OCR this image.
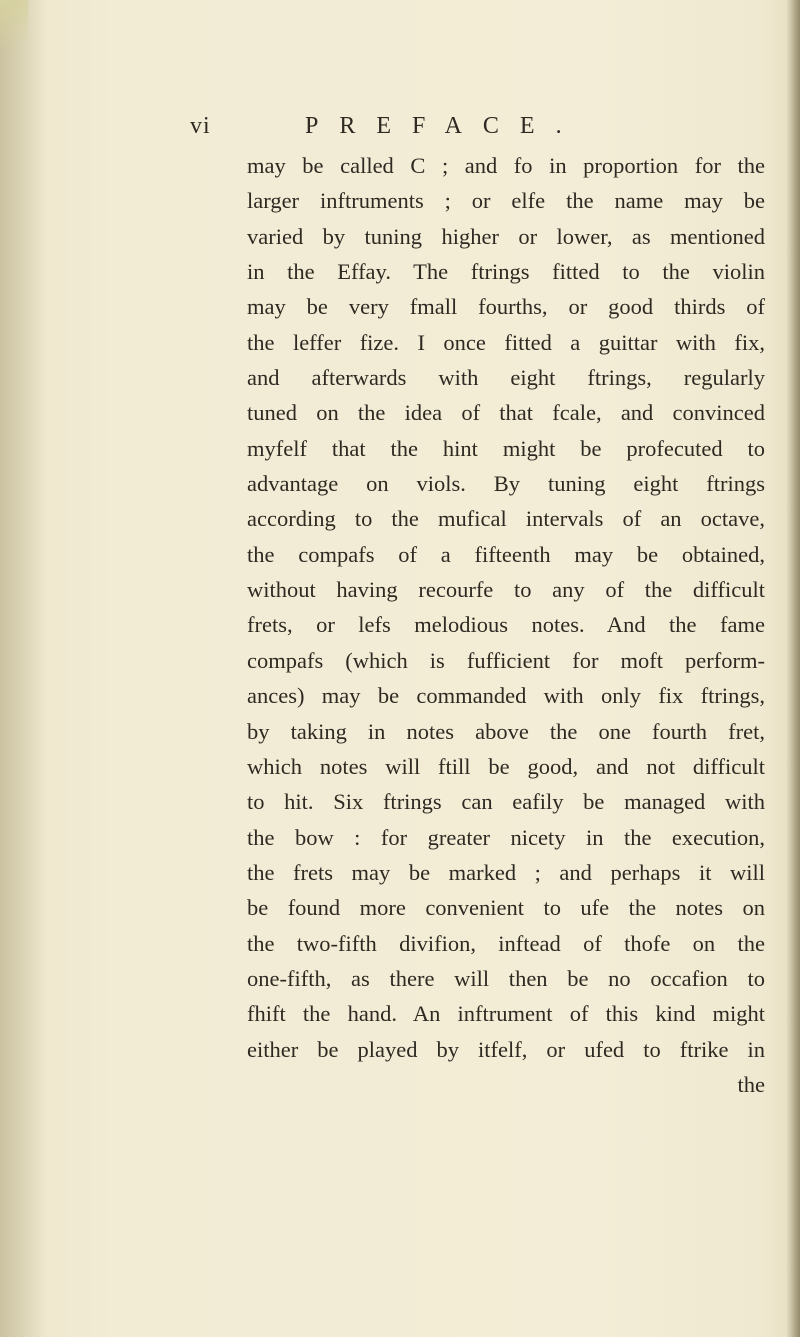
vi	PREFACE.
may be called C ; and fo in proportion for the
larger inftruments ; or elfe the name may be
varied by tuning higher or lower, as mentioned
in the Effay. The ftrings fitted to the violin
may be very fmall fourths, or good thirds of
the leffer fize. I once fitted a guittar with fix,
and afterwards with eight ftrings, regularly
tuned on the idea of that fcale, and convinced
myfelf that the hint might be profecuted to
advantage on viols. By tuning eight ftrings
according to the mufical intervals of an octave,
the compafs of a fifteenth may be obtained,
without having recourfe to any of the difficult
frets, or lefs melodious notes. And the fame
compafs (which is fufficient for moft perform-
ances) may be commanded with only fix ftrings,
by taking in notes above the one fourth fret,
which notes will ftill be good, and not difficult
to hit. Six ftrings can eafily be managed with
the bow : for greater nicety in the execution,
the frets may be marked ; and perhaps it will
be found more convenient to ufe the notes on
the two-fifth divifion, inftead of thofe on the
one-fifth, as there will then be no occafion to
fhift the hand. An inftrument of this kind might
either be played by itfelf, or ufed to ftrike in
the
